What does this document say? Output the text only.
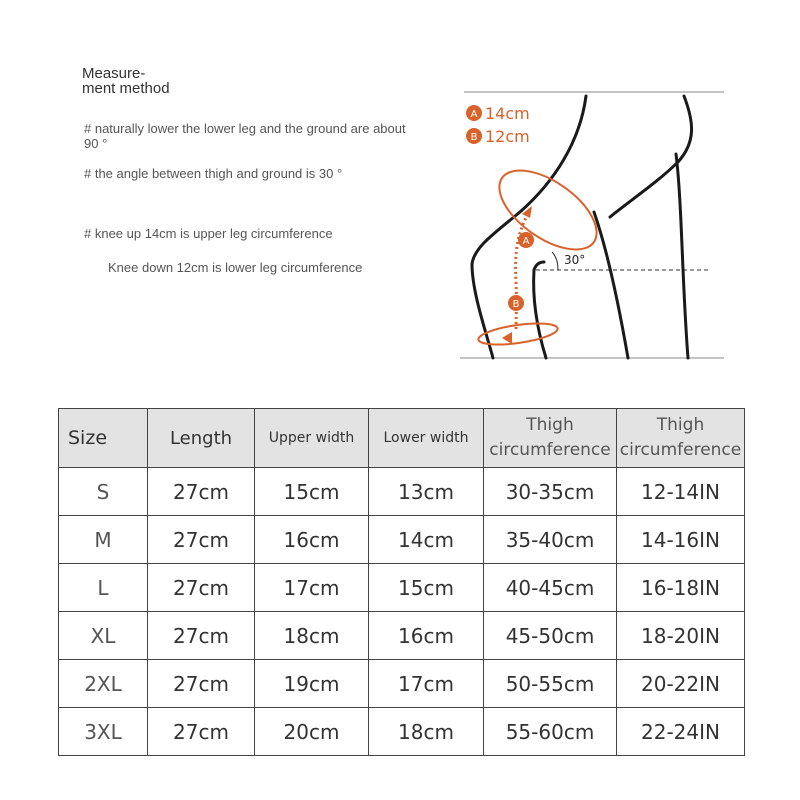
Measure-
ment method
# naturally lower the lower leg and the ground are about 90 °
# the angle between thigh and ground is 30 °
# knee up 14cm is upper leg circumference
Knee down 12cm is lower leg circumference	30°
A
B
A 14cm
B 12cm
Size	Length	Upper width	Lower width	Thigh circumference	Thigh circumference
S	27cm	15cm	13cm	30-35cm	12-14IN
M	27cm	16cm	14cm	35-40cm	14-16IN
L	27cm	17cm	15cm	40-45cm	16-18IN
XL	27cm	18cm	16cm	45-50cm	18-20IN
2XL	27cm	19cm	17cm	50-55cm	20-22IN
3XL	27cm	20cm	18cm	55-60cm	22-24IN
